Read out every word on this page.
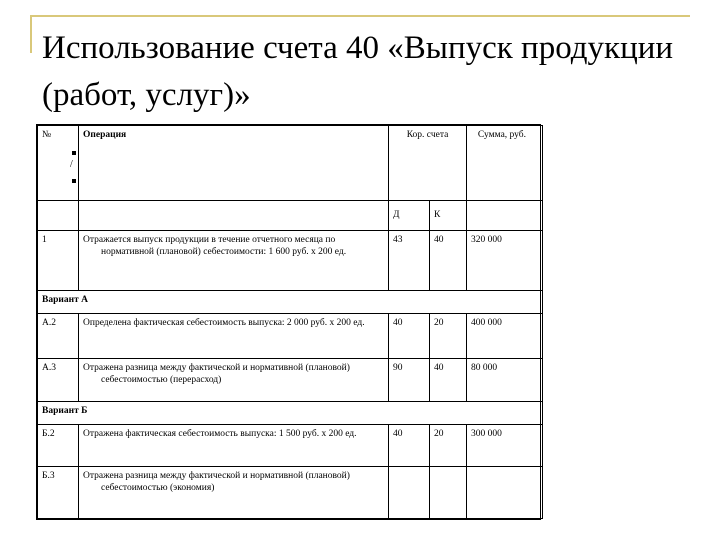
Использование счета 40 «Выпуск продукции (работ, услуг)»
№	Операция	Кор. счета		Сумма, руб.
		Д	К	
1	Отражается выпуск продукции в течение отчетного месяца по нормативной (плановой) себестоимости: 1 600 руб. х 200 ед.	43	40	320 000
Вариант А				
А.2	Определена фактическая себестоимость выпуска: 2 000 руб. х 200 ед.	40	20	400 000
А.3	Отражена разница между фактической и нормативной (плановой) себестоимостью (перерасход)	90	40	80 000
Вариант Б				
Б.2	Отражена фактическая себестоимость выпуска: 1 500 руб. х 200 ед.	40	20	300 000
Б.3	Отражена разница между фактической и нормативной (плановой) себестоимостью (экономия)			
/
